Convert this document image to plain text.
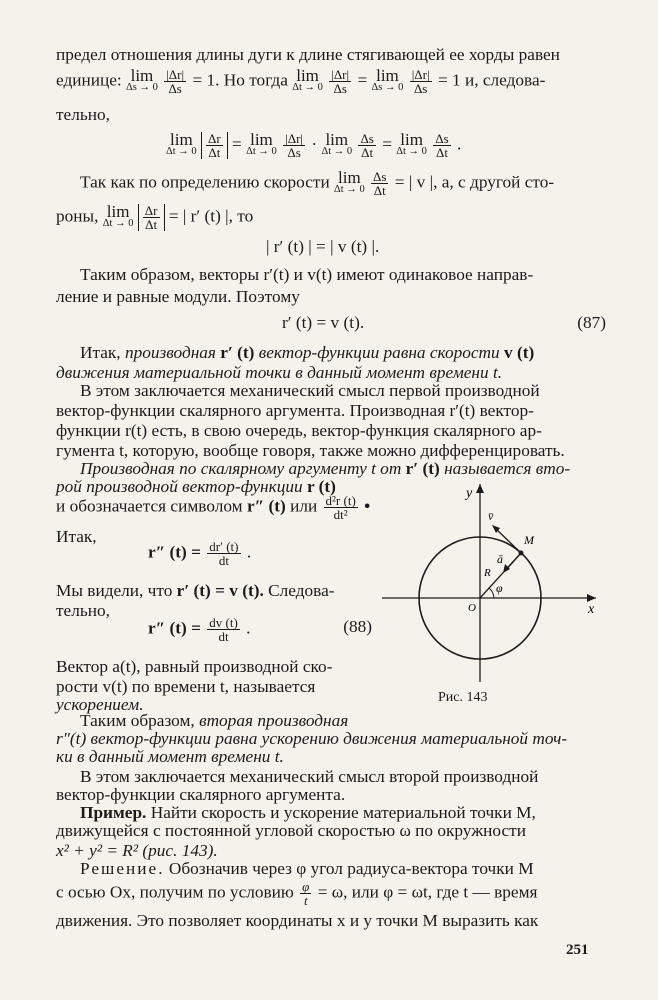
предел отношения длины дуги к длине стягивающей ее хорды равен
единице: lim
Δs → 0
$\frac{|\Delta r|}{\Delta s} = 1$. Но тогда lim
Δt → 0
$\frac{|\Delta r|}{\Delta s} = \lim$
Δs → 0
$\frac{|\Delta r|}{\Delta s} = 1$ и, следова-
тельно,
lim
Δt → 0
$\frac{\Delta r}{\Delta t} = \lim$
Δt → 0
$\frac{|\Delta r|}{\Delta s} \cdot \lim$
Δt → 0
$\frac{\Delta s}{\Delta t} = \lim$
Δt → 0
$\frac{\Delta s}{\Delta t}$ .
Так как по определению скорости lim
Δt → 0
$\frac{\Delta s}{\Delta t}$ = | v |, а, с другой сто-
роны, lim
Δt → 0
$\frac{\Delta r}{\Delta t}$ = | r′ (t) |, то
| r′ (t) | = | v (t) |.
Таким образом, векторы r′(t) и v(t) имеют одинаковое направ-
ление и равные модули. Поэтому
r′ (t) = v (t).	(87)
Итак, производная r′ (t) вектор-функции равна скорости v (t)
движения материальной точки в данный момент времени t.
В этом заключается механический смысл первой производной
вектор-функции скалярного аргумента. Производная r′(t) вектор-
функции r(t) есть, в свою очередь, вектор-функция скалярного ар-
гумента t, которую, вообще говоря, также можно дифференцировать.
Производная по скалярному аргументу t от r′ (t) называется вто-
рой производной вектор-функции r (t)
и обозначается символом r″ (t) или $\frac{\text{d²r (t)}}{\text{dt²}}$ •
Итак,
r″ $(t) = \frac{dr' (t)}{dt}$ .
Мы видели, что r′ (t) = v (t). Следова-
тельно,
r″ $(t) = \frac{dv (t)}{dt}$ .	(88)
Вектор a(t), равный производной ско-
рости v(t) по времени t, называется
ускорением.
Таким образом, вторая производная
r″(t) вектор-функции равна ускорению движения материальной точ-
ки в данный момент времени t.
В этом заключается механический смысл второй производной
вектор-функции скалярного аргумента.
Пример. Найти скорость и ускорение материальной точки M,
движущейся с постоянной угловой скоростью ω по окружности
x² + y² = R² (рис. 143).
Решение. Обозначив через φ угол радиуса-вектора точки M
с осью Ox, получим по условию $\frac{\varphi}{t} = \omega$, или φ = ωt, где t — время
движения. Это позволяет координаты x и y точки M выразить как
y
x
O
M
v̄
ā
R
φ
Рис. 143
251
